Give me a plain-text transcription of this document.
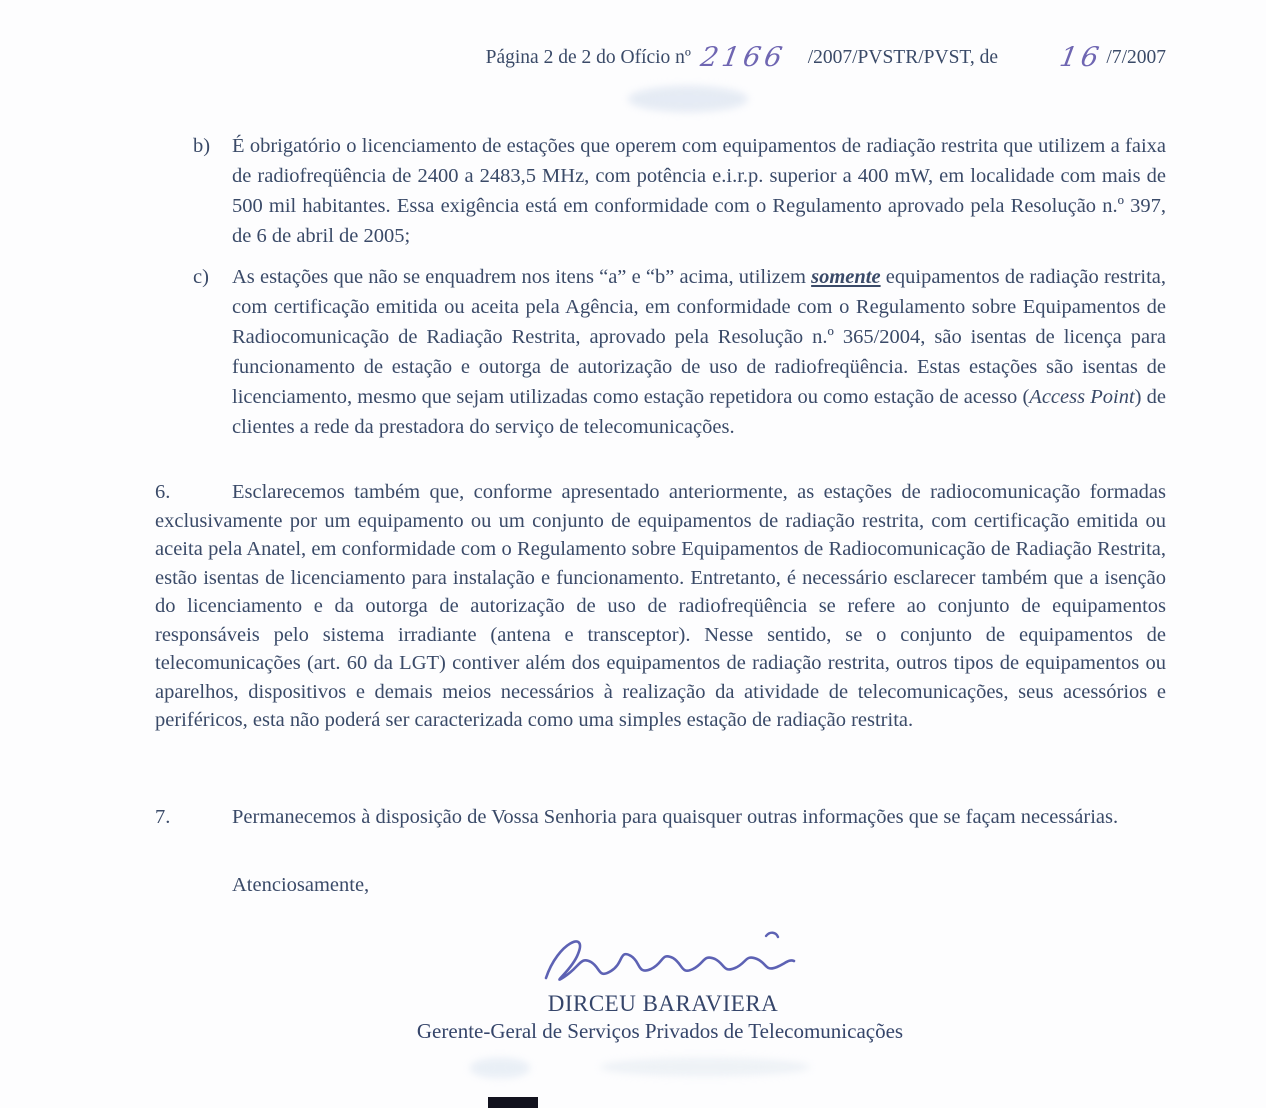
Página 2 de 2 do Ofício nº 2166 /2007/PVSTR/PVST, de 16/7/2007
b) É obrigatório o licenciamento de estações que operem com equipamentos de radiação restrita que utilizem a faixa de radiofreqüência de 2400 a 2483,5 MHz, com potência e.i.r.p. superior a 400 mW, em localidade com mais de 500 mil habitantes. Essa exigência está em conformidade com o Regulamento aprovado pela Resolução n.º 397, de 6 de abril de 2005;
c) As estações que não se enquadrem nos itens “a” e “b” acima, utilizem somente equipamentos de radiação restrita, com certificação emitida ou aceita pela Agência, em conformidade com o Regulamento sobre Equipamentos de Radiocomunicação de Radiação Restrita, aprovado pela Resolução n.º 365/2004, são isentas de licença para funcionamento de estação e outorga de autorização de uso de radiofreqüência. Estas estações são isentas de licenciamento, mesmo que sejam utilizadas como estação repetidora ou como estação de acesso (Access Point) de clientes a rede da prestadora do serviço de telecomunicações.
6.	Esclarecemos também que, conforme apresentado anteriormente, as estações de radiocomunicação formadas exclusivamente por um equipamento ou um conjunto de equipamentos de radiação restrita, com certificação emitida ou aceita pela Anatel, em conformidade com o Regulamento sobre Equipamentos de Radiocomunicação de Radiação Restrita, estão isentas de licenciamento para instalação e funcionamento. Entretanto, é necessário esclarecer também que a isenção do licenciamento e da outorga de autorização de uso de radiofreqüência se refere ao conjunto de equipamentos responsáveis pelo sistema irradiante (antena e transceptor). Nesse sentido, se o conjunto de equipamentos de telecomunicações (art. 60 da LGT) contiver além dos equipamentos de radiação restrita, outros tipos de equipamentos ou aparelhos, dispositivos e demais meios necessários à realização da atividade de telecomunicações, seus acessórios e periféricos, esta não poderá ser caracterizada como uma simples estação de radiação restrita.
7.	Permanecemos à disposição de Vossa Senhoria para quaisquer outras informações que se façam necessárias.
Atenciosamente,
DIRCEU BARAVIERA
Gerente-Geral de Serviços Privados de Telecomunicações
